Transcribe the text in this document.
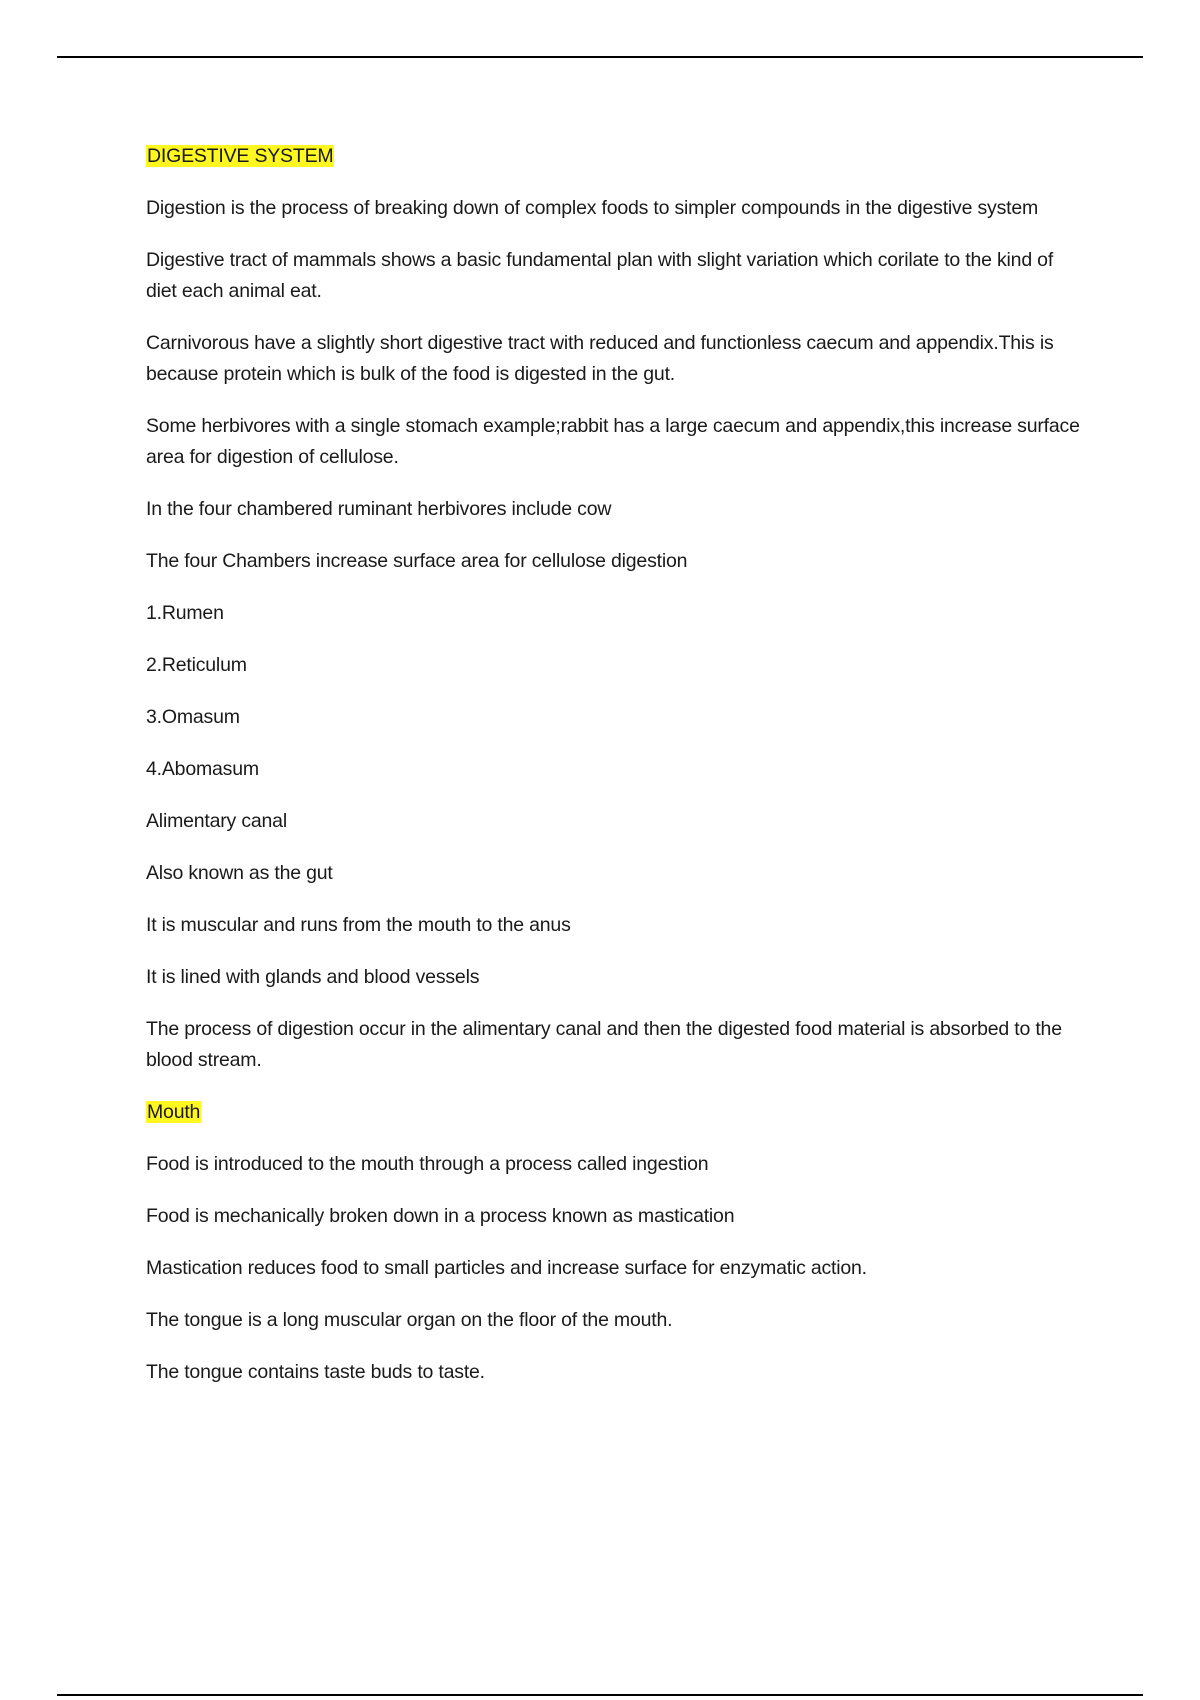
DIGESTIVE SYSTEM

Digestion is the process of breaking down of complex foods to simpler compounds in the digestive system

Digestive tract of mammals shows a basic fundamental plan with slight variation which corilate to the kind of diet each animal eat.

Carnivorous have a slightly short digestive tract with reduced and functionless caecum and appendix.This is because protein which is bulk of the food is digested in the gut.

Some herbivores with a single stomach example;rabbit has a large caecum and appendix,this increase surface area for digestion of cellulose.

In the four chambered ruminant herbivores include cow

The four Chambers increase surface area for cellulose digestion

1.Rumen

2.Reticulum

3.Omasum

4.Abomasum

Alimentary canal

Also known as the gut

It is muscular and runs from the mouth to the anus

It is lined with glands and blood vessels

The process of digestion occur in the alimentary canal and then the digested food material is absorbed to the blood stream.

Mouth

Food is introduced to the mouth through a process called ingestion

Food is mechanically broken down in a process known as mastication

Mastication reduces food to small particles and increase surface for enzymatic action.

The tongue is a long muscular organ on the floor of the mouth.

The tongue contains taste buds to taste.
